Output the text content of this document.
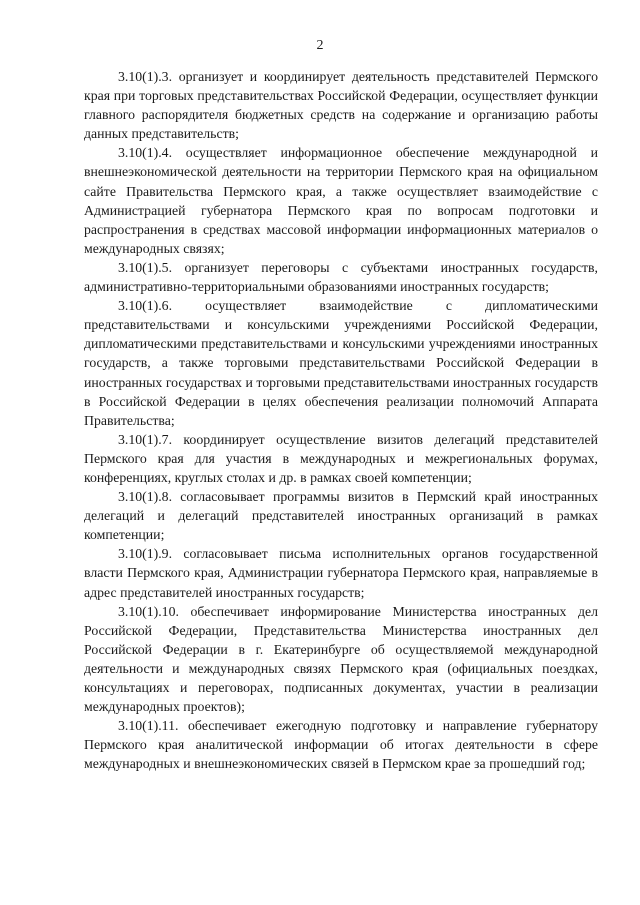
2

3.10(1).3. организует и координирует деятельность представителей Пермского края при торговых представительствах Российской Федерации, осуществляет функции главного распорядителя бюджетных средств на содержание и организацию работы данных представительств;

3.10(1).4. осуществляет информационное обеспечение международной и внешнеэкономической деятельности на территории Пермского края на официальном сайте Правительства Пермского края, а также осуществляет взаимодействие с Администрацией губернатора Пермского края по вопросам подготовки и распространения в средствах массовой информации информационных материалов о международных связях;

3.10(1).5. организует переговоры с субъектами иностранных государств, административно-территориальными образованиями иностранных государств;

3.10(1).6. осуществляет взаимодействие с дипломатическими представительствами и консульскими учреждениями Российской Федерации, дипломатическими представительствами и консульскими учреждениями иностранных государств, а также торговыми представительствами Российской Федерации в иностранных государствах и торговыми представительствами иностранных государств в Российской Федерации в целях обеспечения реализации полномочий Аппарата Правительства;

3.10(1).7. координирует осуществление визитов делегаций представителей Пермского края для участия в международных и межрегиональных форумах, конференциях, круглых столах и др. в рамках своей компетенции;

3.10(1).8. согласовывает программы визитов в Пермский край иностранных делегаций и делегаций представителей иностранных организаций в рамках компетенции;

3.10(1).9. согласовывает письма исполнительных органов государственной власти Пермского края, Администрации губернатора Пермского края, направляемые в адрес представителей иностранных государств;

3.10(1).10. обеспечивает информирование Министерства иностранных дел Российской Федерации, Представительства Министерства иностранных дел Российской Федерации в г. Екатеринбурге об осуществляемой международной деятельности и международных связях Пермского края (официальных поездках, консультациях и переговорах, подписанных документах, участии в реализации международных проектов);

3.10(1).11. обеспечивает ежегодную подготовку и направление губернатору Пермского края аналитической информации об итогах деятельности в сфере международных и внешнеэкономических связей в Пермском крае за прошедший год;
